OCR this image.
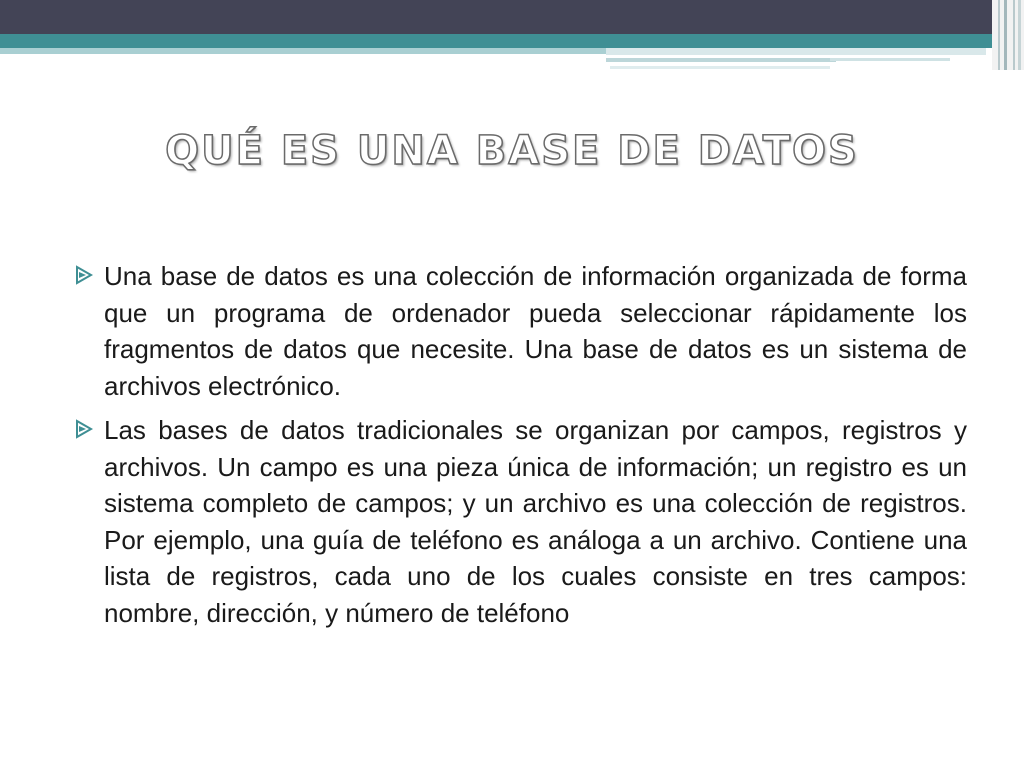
QUÉ ES UNA BASE DE DATOS
Una base de datos es una colección de información organizada de forma que un programa de ordenador pueda seleccionar rápidamente los fragmentos de datos que necesite. Una base de datos es un sistema de archivos electrónico.
Las bases de datos tradicionales se organizan por campos, registros y archivos. Un campo es una pieza única de información; un registro es un sistema completo de campos; y un archivo es una colección de registros. Por ejemplo, una guía de teléfono es análoga a un archivo. Contiene una lista de registros, cada uno de los cuales consiste en tres campos: nombre, dirección, y número de teléfono
